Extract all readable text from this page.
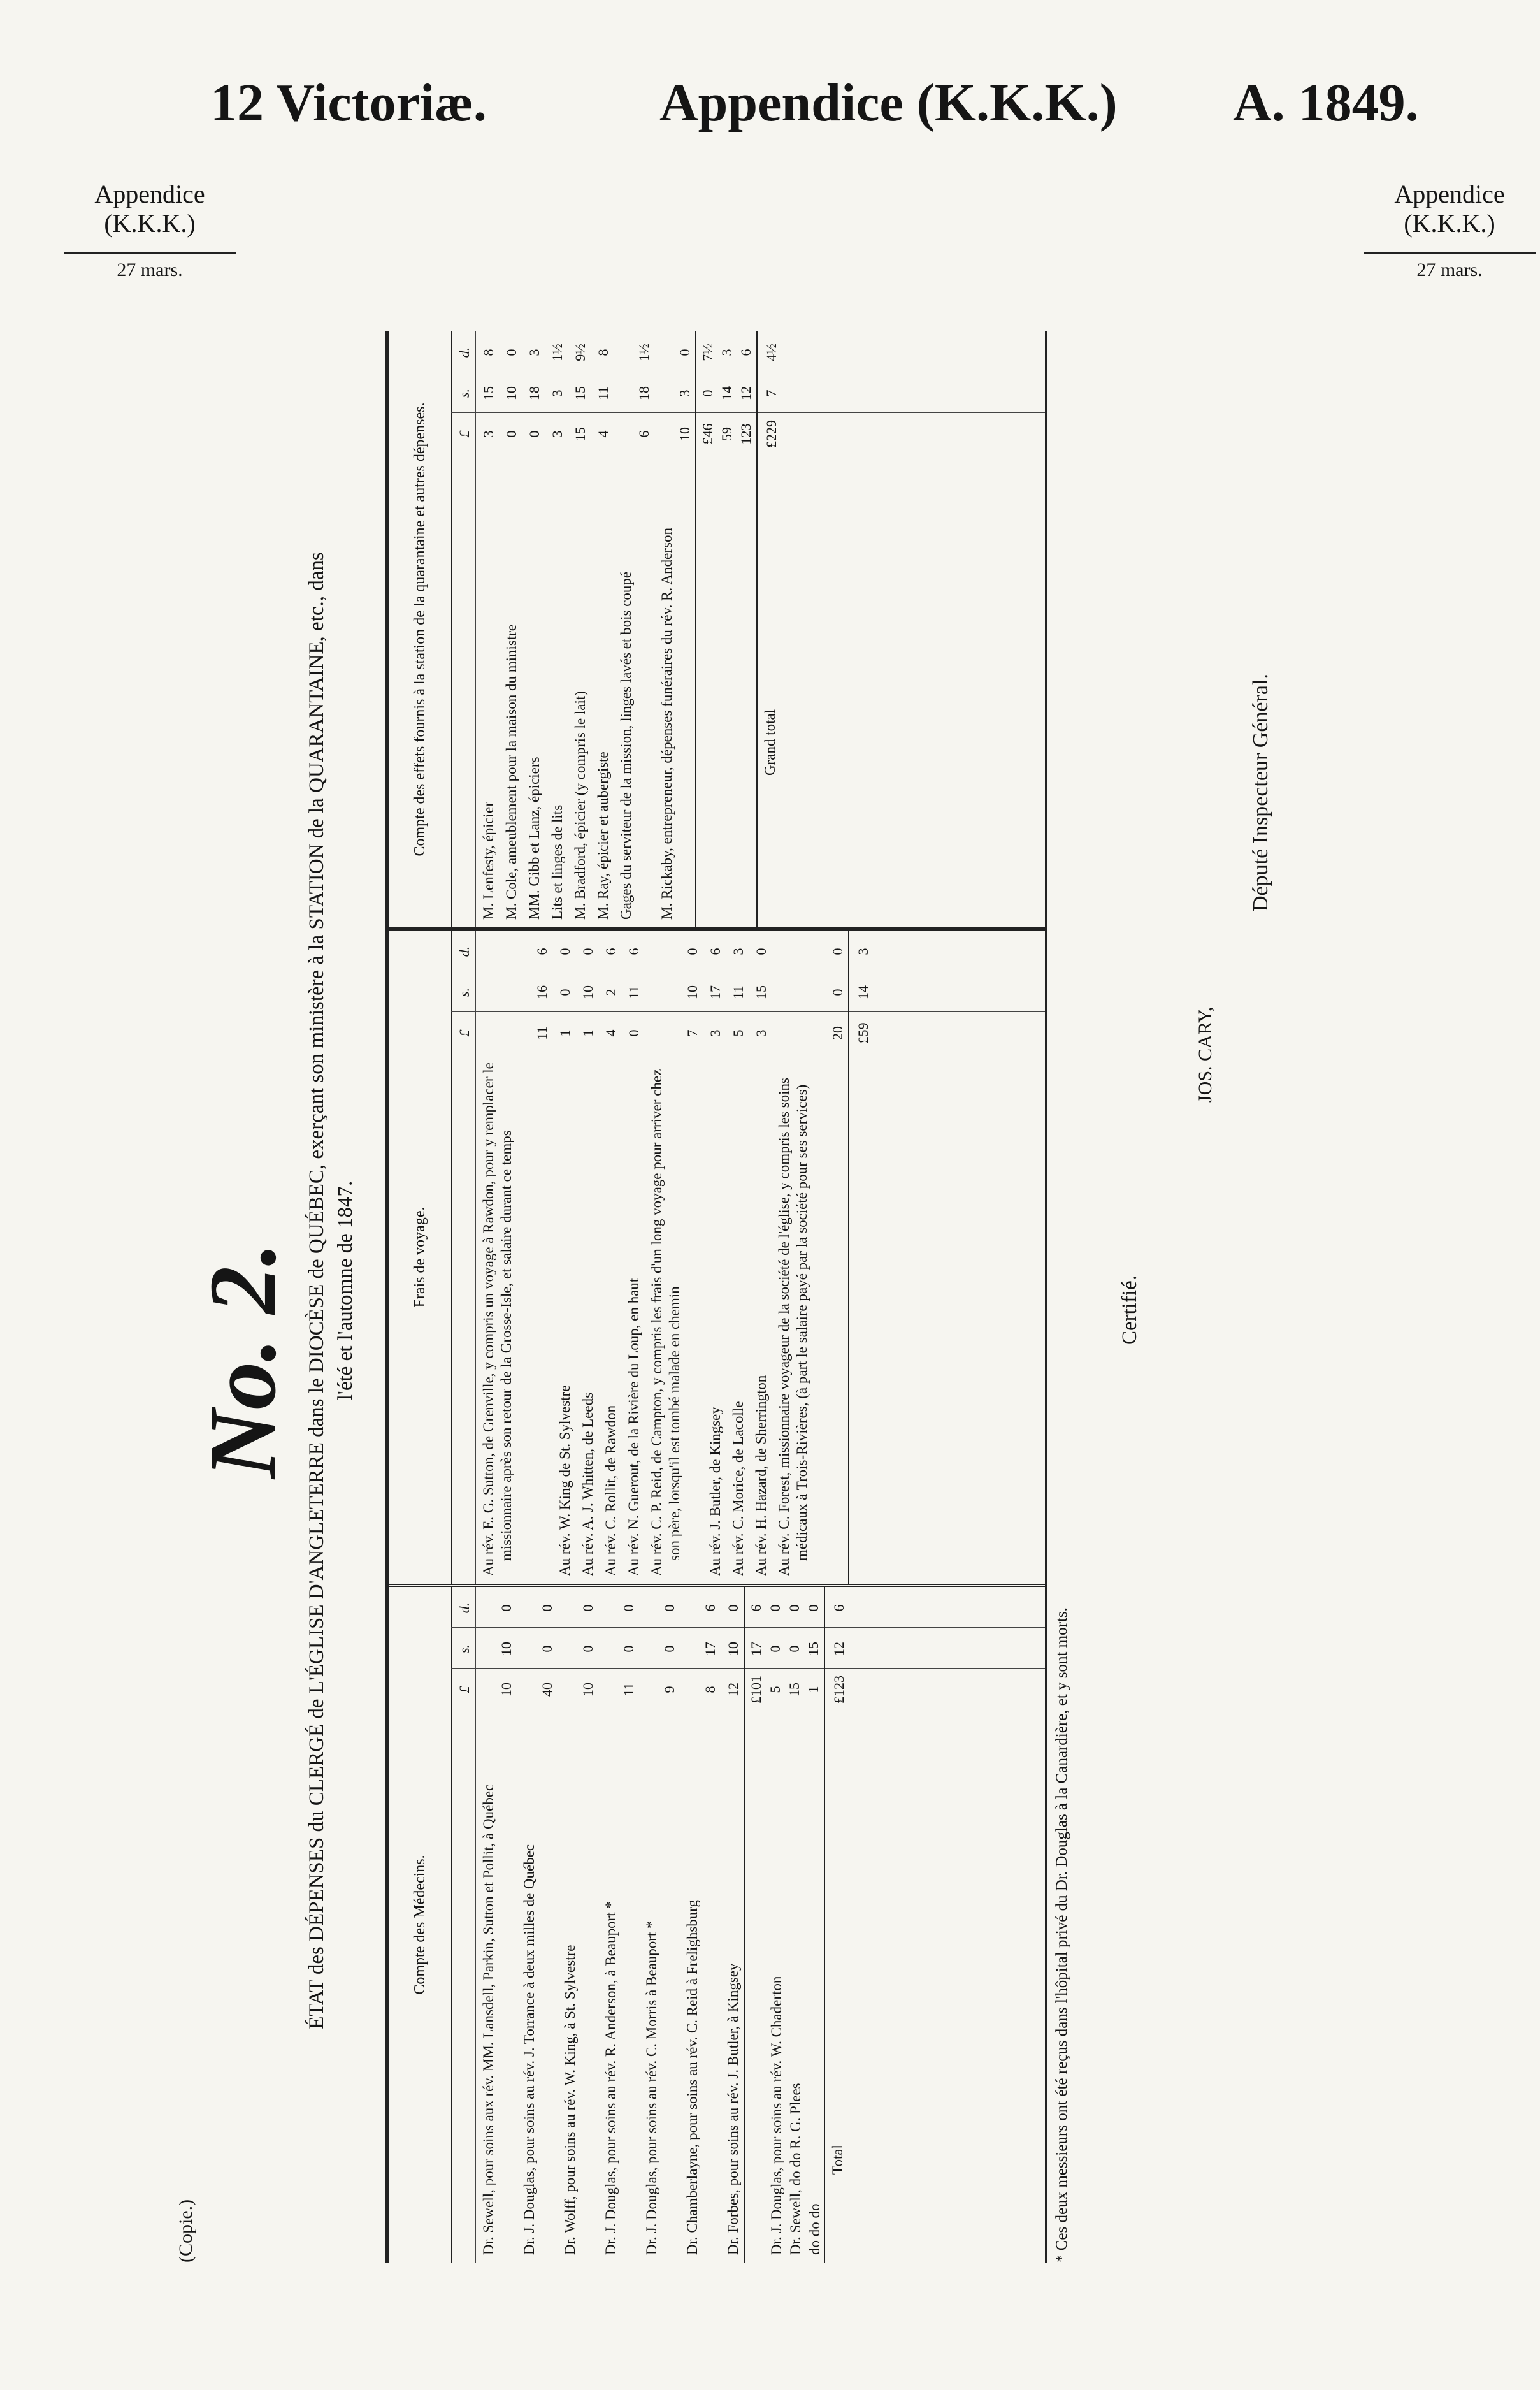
12 Victoriæ.	Appendice (K.K.K.) A. 1849.
Appendice (K.K.K.)
27 mars.
Appendice (K.K.K.)
27 mars.
(Copie.)
No. 2. ÉTAT des DÉPENSES du CLERGÉ de L'ÉGLISE D'ANGLETERRE dans le DIOCÈSE de QUÉBEC, exerçant son ministère à la STATION de la QUARANTAINE, etc., dans l'été et l'automne de 1847.
Compte des Médecins.
£
s.
d.
Dr. Sewell, pour soins aux rév. MM. Lansdell, Parkin, Sutton et Pollit, à Québec
10
10
0
Dr. J. Douglas, pour soins au rév. J. Torrance à deux milles de Québec
40
0
0
Dr. Wolff, pour soins au rév. W. King, à St. Sylvestre
10
0
0
Dr. J. Douglas, pour soins au rév. R. Anderson, à Beauport *
11
0
0
Dr. J. Douglas, pour soins au rév. C. Morris à Beauport *
9
0
0
Dr. Chamberlayne, pour soins au rév. C. Reid à Frelighsburg
8
17
6
Dr. Forbes, pour soins au rév. J. Butler, à Kingsey
12
10
0
£101
17
6
Dr. J. Douglas, pour soins au rév. W. Chaderton
5
0
0
Dr. Sewell, do do R. G. Plees
15
0
0
do do do
1
15
0
Total
£123
12
6
Frais de voyage.
£
s.
d.
Au rév. E. G. Sutton, de Grenville, y compris un voyage à Rawdon, pour y remplacer le missionnaire après son retour de la Grosse-Isle, et salaire durant ce temps
11
16
6
Au rév. W. King de St. Sylvestre
1
0
0
Au rév. A. J. Whitten, de Leeds
1
10
0
Au rév. C. Rollit, de Rawdon
4
2
6
Au rév. N. Guerout, de la Rivière du Loup, en haut
0
11
6
Au rév. C. P. Reid, de Campton, y compris les frais d'un long voyage pour arriver chez son père, lorsqu'il est tombé malade en chemin
7
10
0
Au rév. J. Butler, de Kingsey
3
17
6
Au rév. C. Morice, de Lacolle
5
11
3
Au rév. H. Hazard, de Sherrington
3
15
0
Au rév. C. Forest, missionnaire voyageur de la société de l'église, y compris les soins médicaux à Trois-Rivières, (à part le salaire payé par la société pour ses services)
20
0
0
£59
14
3
Compte des effets fournis à la station de la quarantaine et autres dépenses.	£
s.
d.
M. Lenfesty, épicier
3
15
8
M. Cole, ameublement pour la maison du ministre
0
10
0
MM. Gibb et Lanz, épiciers
0
18
3
Lits et linges de lits
3
3
1½
M. Bradford, épicier (y compris le lait)
15
15
9½
M. Ray, épicier et aubergiste
4
11
8
Gages du serviteur de la mission, linges lavés et bois coupé
6
18
1½
M. Rickaby, entrepreneur, dépenses funéraires du rév. R. Anderson
10
3
0
£46
0
7½
59
14
3
123
12
6
Grand total
£229
7
4½
* Ces deux messieurs ont été reçus dans l'hôpital privé du Dr. Douglas à la Canardière, et y sont morts.
Certifié.
JOS. CARY,
Député Inspecteur Général.
